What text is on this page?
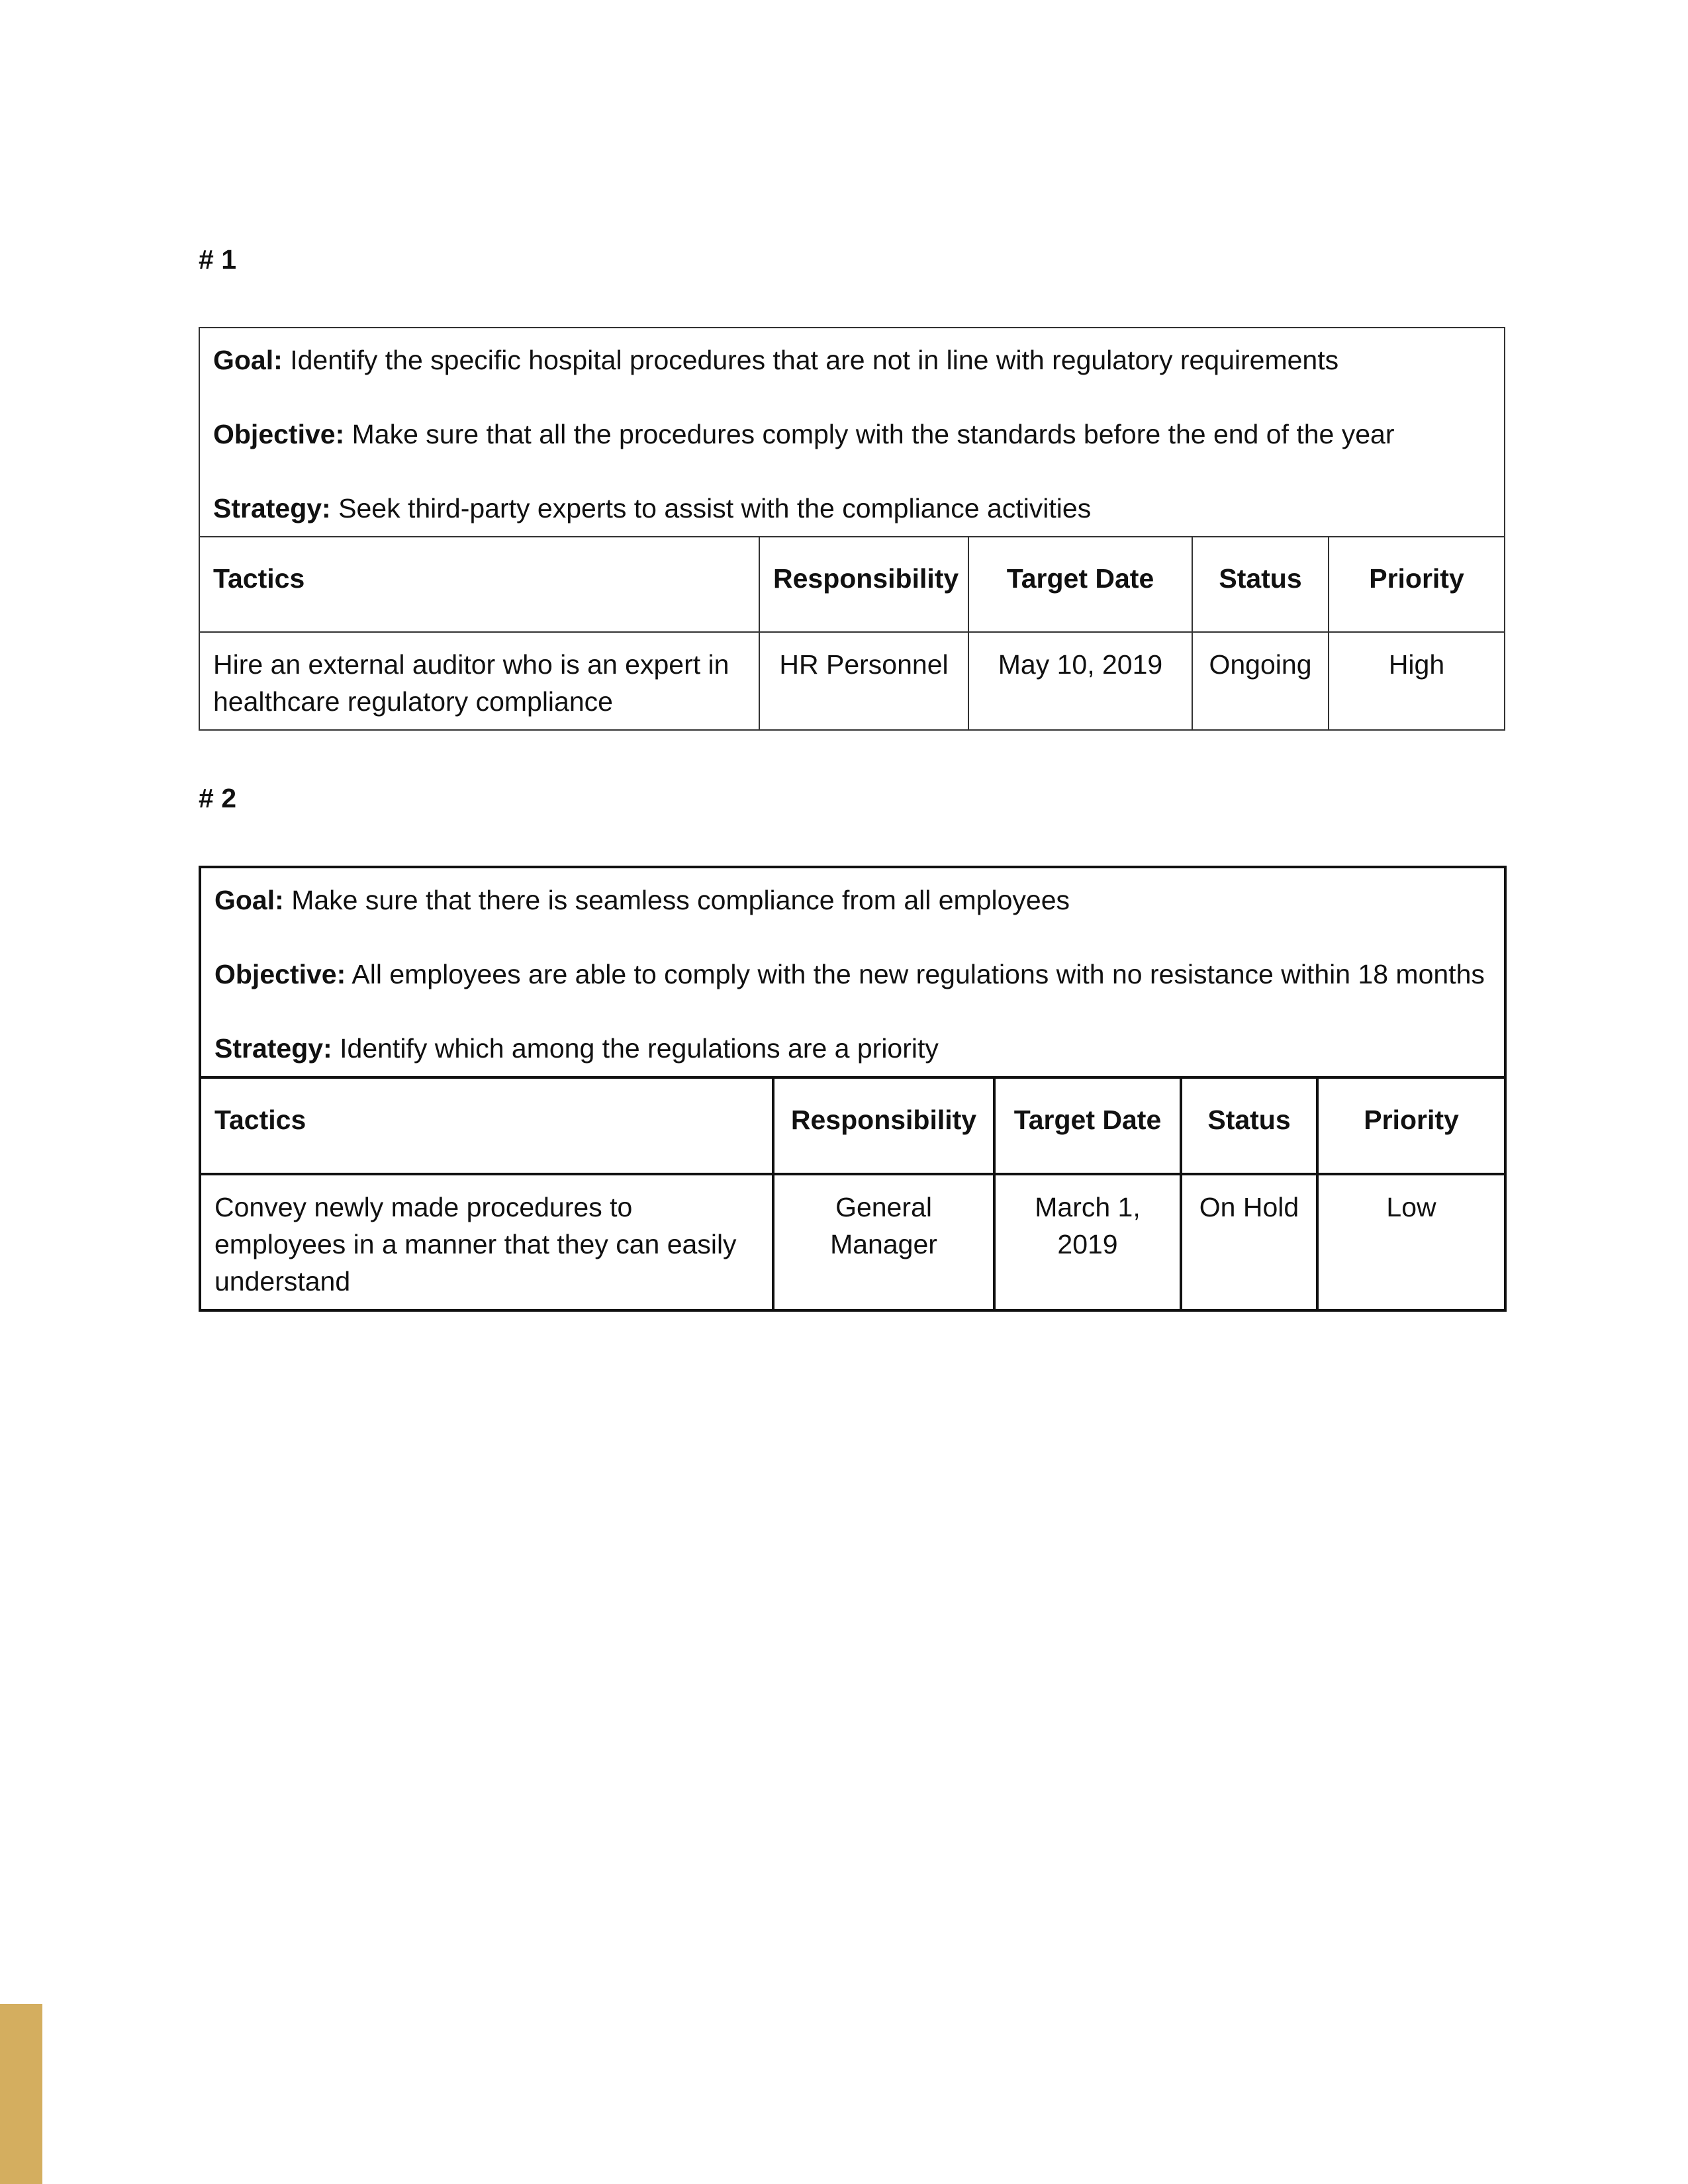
# 1

Goal: Identify the specific hospital procedures that are not in line with regulatory requirements

Objective: Make sure that all the procedures comply with the standards before the end of the year

Strategy: Seek third-party experts to assist with the compliance activities				

Tactics	Responsibility	Target Date	Status	Priority
Hire an external auditor who is an expert in healthcare regulatory compliance	HR Personnel	May 10, 2019	Ongoing	High
# 2

Goal: Make sure that there is seamless compliance from all employees

Objective: All employees are able to comply with the new regulations with no resistance within 18 months

Strategy: Identify which among the regulations are a priority				

Tactics	Responsibility	Target Date	Status	Priority
Convey newly made procedures to employees in a manner that they can easily understand	General Manager	March 1, 2019	On Hold	Low
